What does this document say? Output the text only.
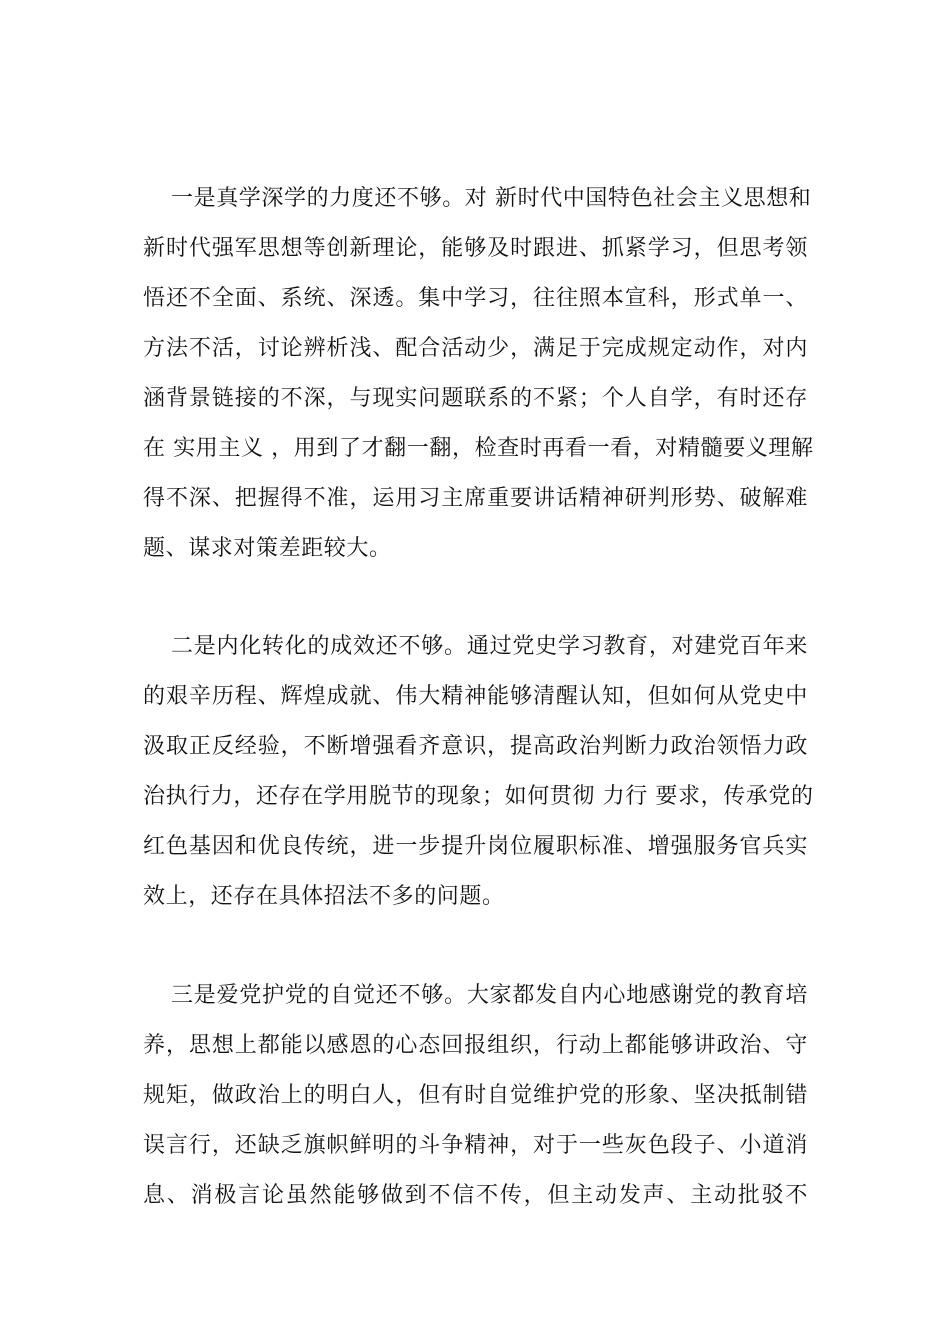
一是真学深学的力度还不够。对 新时代中国特色社会主义思想和
新时代强军思想等创新理论，能够及时跟进、抓紧学习，但思考领
悟还不全面、系统、深透。集中学习，往往照本宣科，形式单一、
方法不活，讨论辨析浅、配合活动少，满足于完成规定动作，对内
涵背景链接的不深，与现实问题联系的不紧；个人自学，有时还存
在 实用主义 ，用到了才翻一翻，检查时再看一看，对精髓要义理解
得不深、把握得不准，运用习主席重要讲话精神研判形势、破解难
题、谋求对策差距较大。
二是内化转化的成效还不够。通过党史学习教育，对建党百年来
的艰辛历程、辉煌成就、伟大精神能够清醒认知，但如何从党史中
汲取正反经验，不断增强看齐意识，提高政治判断力政治领悟力政
治执行力，还存在学用脱节的现象；如何贯彻 力行 要求，传承党的
红色基因和优良传统，进一步提升岗位履职标准、增强服务官兵实
效上，还存在具体招法不多的问题。
三是爱党护党的自觉还不够。大家都发自内心地感谢党的教育培
养，思想上都能以感恩的心态回报组织，行动上都能够讲政治、守
规矩，做政治上的明白人，但有时自觉维护党的形象、坚决抵制错
误言行，还缺乏旗帜鲜明的斗争精神，对于一些灰色段子、小道消
息、消极言论虽然能够做到不信不传，但主动发声、主动批驳不
